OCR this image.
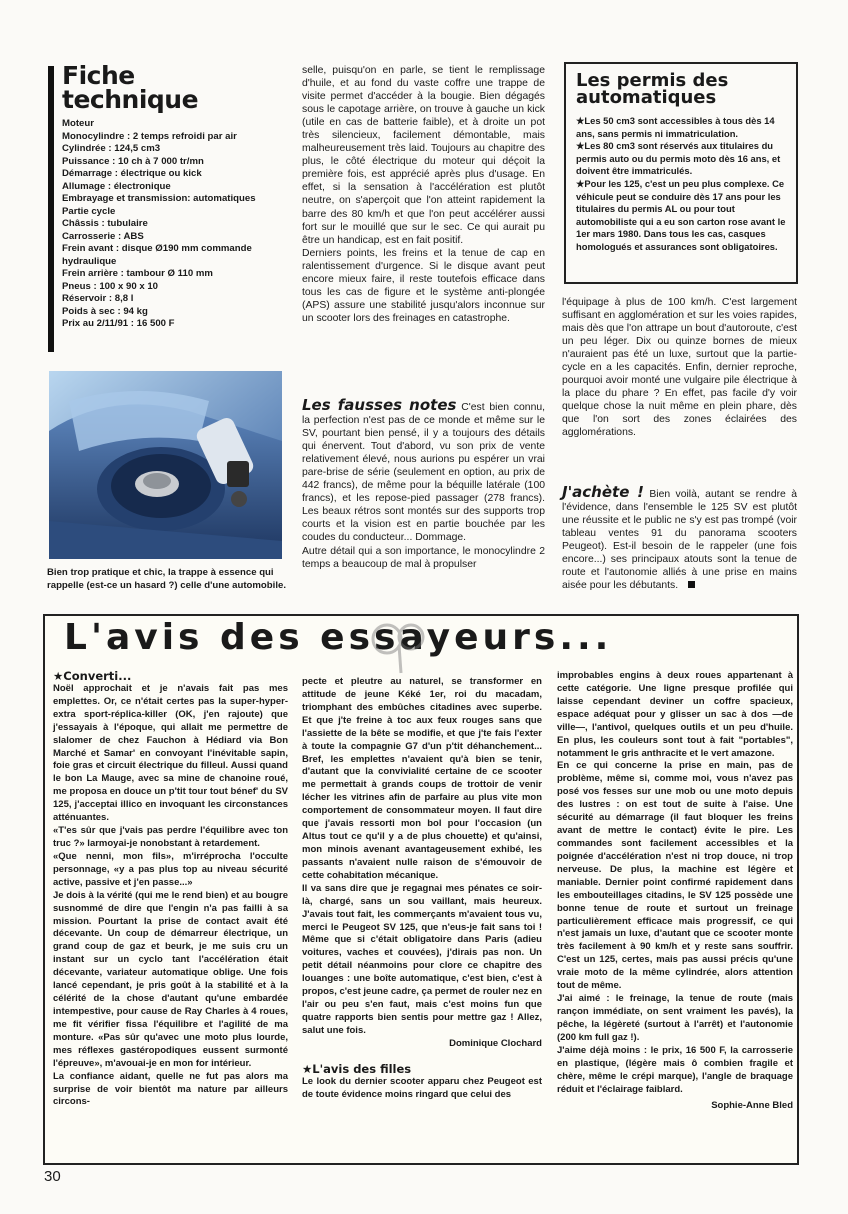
Fiche
technique
Moteur
Monocylindre : 2 temps refroidi par air
Cylindrée : 124,5 cm3
Puissance : 10 ch à 7 000 tr/mn
Démarrage : électrique ou kick
Allumage : électronique
Embrayage et transmission: automatiques
Partie cycle
Châssis : tubulaire
Carrosserie : ABS
Frein avant : disque Ø190 mm commande hydraulique
Frein arrière : tambour Ø 110 mm
Pneus : 100 x 90 x 10
Réservoir : 8,8 l
Poids à sec : 94 kg
Prix au 2/11/91 : 16 500 F
Bien trop pratique et chic, la trappe à essence qui rappelle (est-ce un hasard ?) celle d'une automobile.
selle, puisqu'on en parle, se tient le remplissage d'huile, et au fond du vaste coffre une trappe de visite permet d'accéder à la bougie. Bien dégagés sous le capotage arrière, on trouve à gauche un kick (utile en cas de batterie faible), et à droite un pot très silencieux, facilement démontable, mais malheureusement très laid. Toujours au chapitre des plus, le côté électrique du moteur qui déçoit la première fois, est apprécié après plus d'usage. En effet, si la sensation à l'accélération est plutôt neutre, on s'aperçoit que l'on atteint rapidement la barre des 80 km/h et que l'on peut accélérer aussi fort sur le mouillé que sur le sec. Ce qui aurait pu être un handicap, est en fait positif.
Derniers points, les freins et la tenue de cap en ralentissement d'urgence. Si le disque avant peut encore mieux faire, il reste toutefois efficace dans tous les cas de figure et le système anti-plongée (APS) assure une stabilité jusqu'alors inconnue sur un scooter lors des freinages en catastrophe.
Les fausses notes C'est bien connu, la perfection n'est pas de ce monde et même sur le SV, pourtant bien pensé, il y a toujours des détails qui énervent. Tout d'abord, vu son prix de vente relativement élevé, nous aurions pu espérer un vrai pare-brise de série (seulement en option, au prix de 442 francs), de même pour la béquille latérale (100 francs), et les repose-pied passager (278 francs). Les beaux rétros sont montés sur des supports trop courts et la vision est en partie bouchée par les coudes du conducteur... Dommage.
Autre détail qui a son importance, le monocylindre 2 temps a beaucoup de mal à propulser
Les permis des
automatiques

★Les 50 cm3 sont accessibles à tous dès 14 ans, sans permis ni immatriculation.

★Les 80 cm3 sont réservés aux titulaires du permis auto ou du permis moto dès 16 ans, et doivent être immatriculés.

★Pour les 125, c'est un peu plus complexe. Ce véhicule peut se conduire dès 17 ans pour les titulaires du permis AL ou pour tout automobiliste qui a eu son carton rose avant le 1er mars 1980. Dans tous les cas, casques homologués et assurances sont obligatoires.

l'équipage à plus de 100 km/h. C'est largement suffisant en agglomération et sur les voies rapides, mais dès que l'on attrape un bout d'autoroute, c'est un peu léger. Dix ou quinze bornes de mieux n'auraient pas été un luxe, surtout que la partie-cycle en a les capacités. Enfin, dernier reproche, pourquoi avoir monté une vulgaire pile électrique à la place du phare ? En effet, pas facile d'y voir quelque chose la nuit même en plein phare, dès que l'on sort des zones éclairées des agglomérations.
J'achète ! Bien voilà, autant se rendre à l'évidence, dans l'ensemble le 125 SV est plutôt une réussite et le public ne s'y est pas trompé (voir tableau ventes 91 du panorama scooters Peugeot). Est-il besoin de le rappeler (une fois encore...) ses principaux atouts sont la tenue de route et l'autonomie alliés à une prise en mains aisée pour les débutants.
L'avis des essayeurs...
★Converti...

Noël approchait et je n'avais fait pas mes emplettes. Or, ce n'était certes pas la super-hyper-extra sport-réplica-killer (OK, j'en rajoute) que j'essayais à l'époque, qui allait me permettre de slalomer de chez Fauchon à Hédiard via Bon Marché et Samar' en convoyant l'inévitable sapin, foie gras et circuit électrique du filleul. Aussi quand le bon La Mauge, avec sa mine de chanoine roué, me proposa en douce un p'tit tour tout bénef' du SV 125, j'acceptai illico en invoquant les circonstances atténuantes.

«T'es sûr que j'vais pas perdre l'équilibre avec ton truc ?» larmoyai-je nonobstant à retardement.

«Que nenni, mon fils», m'irréprocha l'occulte personnage, «y a pas plus top au niveau sécurité active, passive et j'en passe...»

Je dois à la vérité (qui me le rend bien) et au bougre susnommé de dire que l'engin n'a pas failli à sa mission. Pourtant la prise de contact avait été décevante. Un coup de démarreur électrique, un grand coup de gaz et beurk, je me suis cru un instant sur un cyclo tant l'accélération était décevante, variateur automatique oblige. Une fois lancé cependant, je pris goût à la stabilité et à la célérité de la chose d'autant qu'une embardée intempestive, pour cause de Ray Charles à 4 roues, me fit vérifier fissa l'équilibre et l'agilité de ma monture. «Pas sûr qu'avec une moto plus lourde, mes réflexes gastéropodiques eussent surmonté l'épreuve», m'avouai-je en mon for intérieur.

La confiance aidant, quelle ne fut pas alors ma surprise de voir bientôt ma nature par ailleurs circons-

pecte et pleutre au naturel, se transformer en attitude de jeune Kéké 1er, roi du macadam, triomphant des embûches citadines avec superbe. Et que j'te freine à toc aux feux rouges sans que l'assiette de la bête se modifie, et que j'te fais l'exter à toute la compagnie G7 d'un p'tit déhanchement... Bref, les emplettes n'avaient qu'à bien se tenir, d'autant que la convivialité certaine de ce scooter me permettait à grands coups de trottoir de venir lécher les vitrines afin de parfaire au plus vite mon comportement de consommateur moyen. Il faut dire que j'avais ressorti mon bol pour l'occasion (un Altus tout ce qu'il y a de plus chouette) et qu'ainsi, mon minois avenant avantageusement exhibé, les passants n'avaient nulle raison de s'émouvoir de cette cohabitation mécanique.

Il va sans dire que je regagnai mes pénates ce soir-là, chargé, sans un sou vaillant, mais heureux. J'avais tout fait, les commerçants m'avaient tous vu, merci le Peugeot SV 125, que n'eus-je fait sans toi ! Même que si c'était obligatoire dans Paris (adieu voitures, vaches et couvées), j'dirais pas non. Un petit détail néanmoins pour clore ce chapitre des louanges : une boîte automatique, c'est bien, c'est à propos, c'est jeune cadre, ça permet de rouler nez en l'air ou peu s'en faut, mais c'est moins fun que quatre rapports bien sentis pour mettre gaz ! Allez, salut une fois.

Dominique Clochard

★L'avis des filles

Le look du dernier scooter apparu chez Peugeot est de toute évidence moins ringard que celui des

improbables engins à deux roues appartenant à cette catégorie. Une ligne presque profilée qui laisse cependant deviner un coffre spacieux, espace adéquat pour y glisser un sac à dos —de ville—, l'antivol, quelques outils et un peu d'huile. En plus, les couleurs sont tout à fait "portables", notamment le gris anthracite et le vert amazone.

En ce qui concerne la prise en main, pas de problème, même si, comme moi, vous n'avez pas posé vos fesses sur une mob ou une moto depuis des lustres : on est tout de suite à l'aise. Une sécurité au démarrage (il faut bloquer les freins avant de mettre le contact) évite le pire. Les commandes sont facilement accessibles et la poignée d'accélération n'est ni trop douce, ni trop nerveuse. De plus, la machine est légère et maniable. Dernier point confirmé rapidement dans les embouteillages citadins, le SV 125 possède une bonne tenue de route et surtout un freinage particulièrement efficace mais progressif, ce qui n'est jamais un luxe, d'autant que ce scooter monte très facilement à 90 km/h et y reste sans souffrir. C'est un 125, certes, mais pas aussi précis qu'une vraie moto de la même cylindrée, alors attention tout de même.

J'ai aimé : le freinage, la tenue de route (mais rançon immédiate, on sent vraiment les pavés), la pêche, la légèreté (surtout à l'arrêt) et l'autonomie (200 km full gaz !).

J'aime déjà moins : le prix, 16 500 F, la carrosserie en plastique, (légère mais ô combien fragile et chère, même le crépi marque), l'angle de braquage réduit et l'éclairage faiblard.

Sophie-Anne Bled

30
